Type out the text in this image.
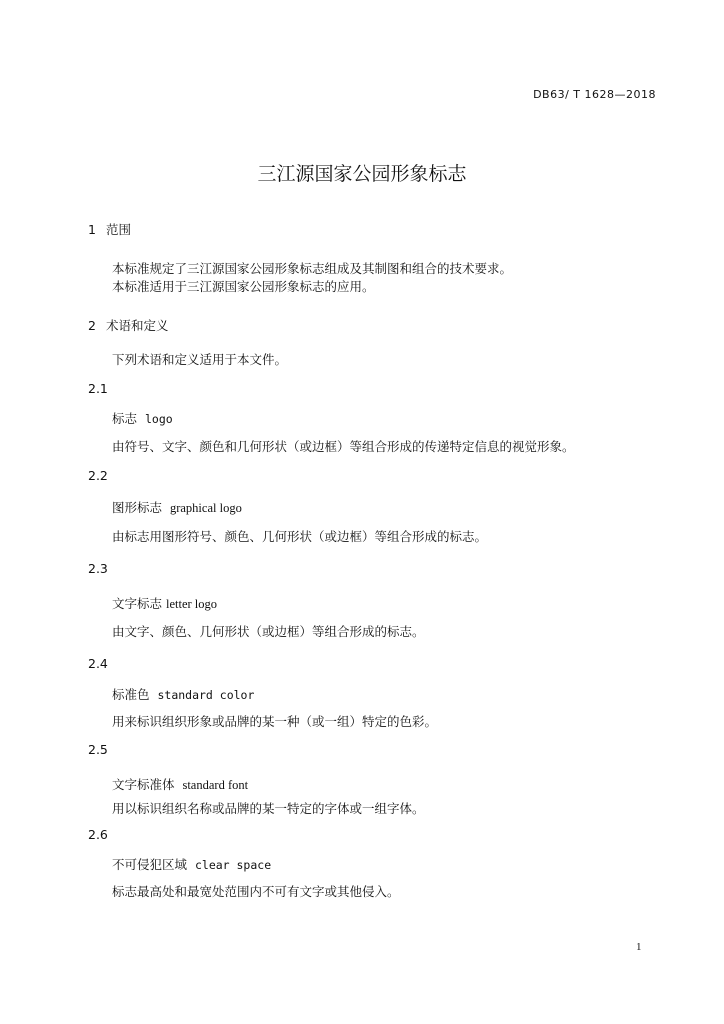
DB63/ T 1628—2018
三江源国家公园形象标志
1 范围
本标准规定了三江源国家公园形象标志组成及其制图和组合的技术要求。
本标准适用于三江源国家公园形象标志的应用。
2 术语和定义
下列术语和定义适用于本文件。
2.1
标志 logo
由符号、文字、颜色和几何形状（或边框）等组合形成的传递特定信息的视觉形象。
2.2
图形标志 graphical logo
由标志用图形符号、颜色、几何形状（或边框）等组合形成的标志。
2.3
文字标志 letter logo
由文字、颜色、几何形状（或边框）等组合形成的标志。
2.4
标准色 standard color
用来标识组织形象或品牌的某一种（或一组）特定的色彩。
2.5
文字标准体 standard font
用以标识组织名称或品牌的某一特定的字体或一组字体。
2.6
不可侵犯区域 clear space
标志最高处和最宽处范围内不可有文字或其他侵入。
1
